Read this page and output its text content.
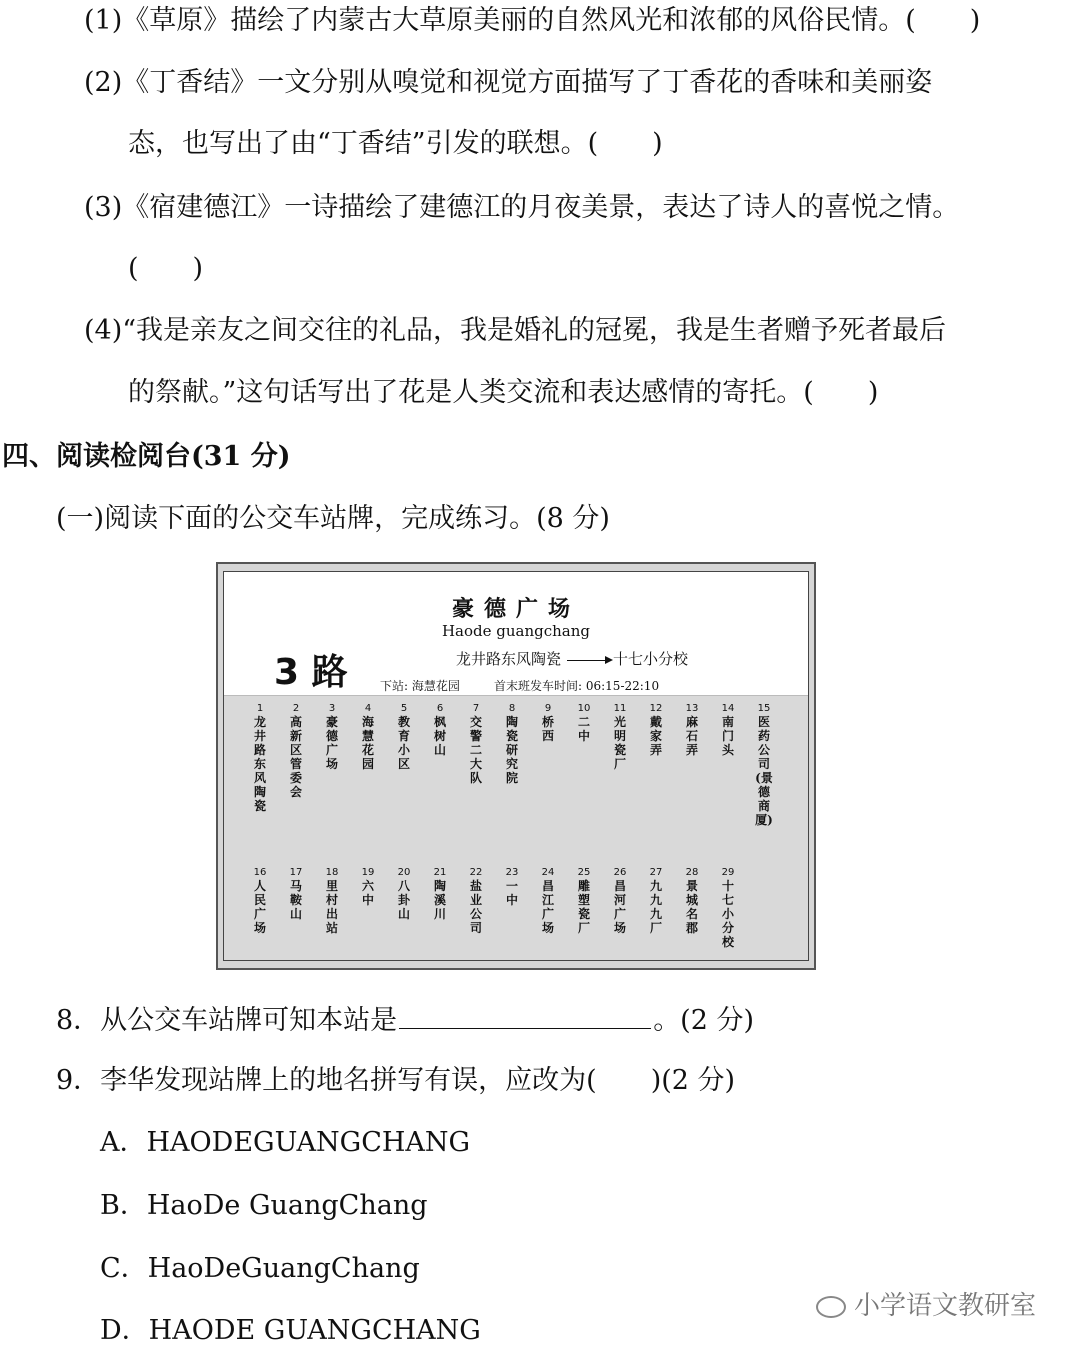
(1)《草原》描绘了内蒙古大草原美丽的自然风光和浓郁的风俗民情。(　　)
(2)《丁香结》一文分别从嗅觉和视觉方面描写了丁香花的香味和美丽姿
态，也写出了由“丁香结”引发的联想。(　　)
(3)《宿建德江》一诗描绘了建德江的月夜美景，表达了诗人的喜悦之情。
(　　)
(4)“我是亲友之间交往的礼品，我是婚礼的冠冕，我是生者赠予死者最后
的祭献。”这句话写出了花是人类交流和表达感情的寄托。(　　)
四、阅读检阅台(31 分)
(一)阅读下面的公交车站牌，完成练习。(8 分)
豪德广场
Haode guangchang
3 路	龙井路东风陶瓷	十七小分校
下站: 海慧花园	首末班发车时间: 06:15-22:10
1
龙井路东风陶瓷
2
高新区管委会
3
豪德广场
4
海慧花园
5
教育小区
6
枫树山
7
交警二大队
8
陶瓷研究院
9
桥西
10
二中
11
光明瓷厂
12
戴家弄
13
麻石弄
14
南门头
15
医药公司(景德商厦)
16
人民广场
17
马鞍山
18
里村出站
19
六中
20
八卦山
21
陶溪川
22
盐业公司
23
一中
24
昌江广场
25
雕塑瓷厂
26
昌河广场
27
九九九厂
28
景城名郡
29
十七小分校
8．从公交车站牌可知本站是	。(2 分)
9．李华发现站牌上的地名拼写有误，应改为(　　)(2 分)
A．HAODEGUANGCHANG
B．HaoDe GuangChang
C．HaoDeGuangChang
D．HAODE GUANGCHANG
小学语文教研室
